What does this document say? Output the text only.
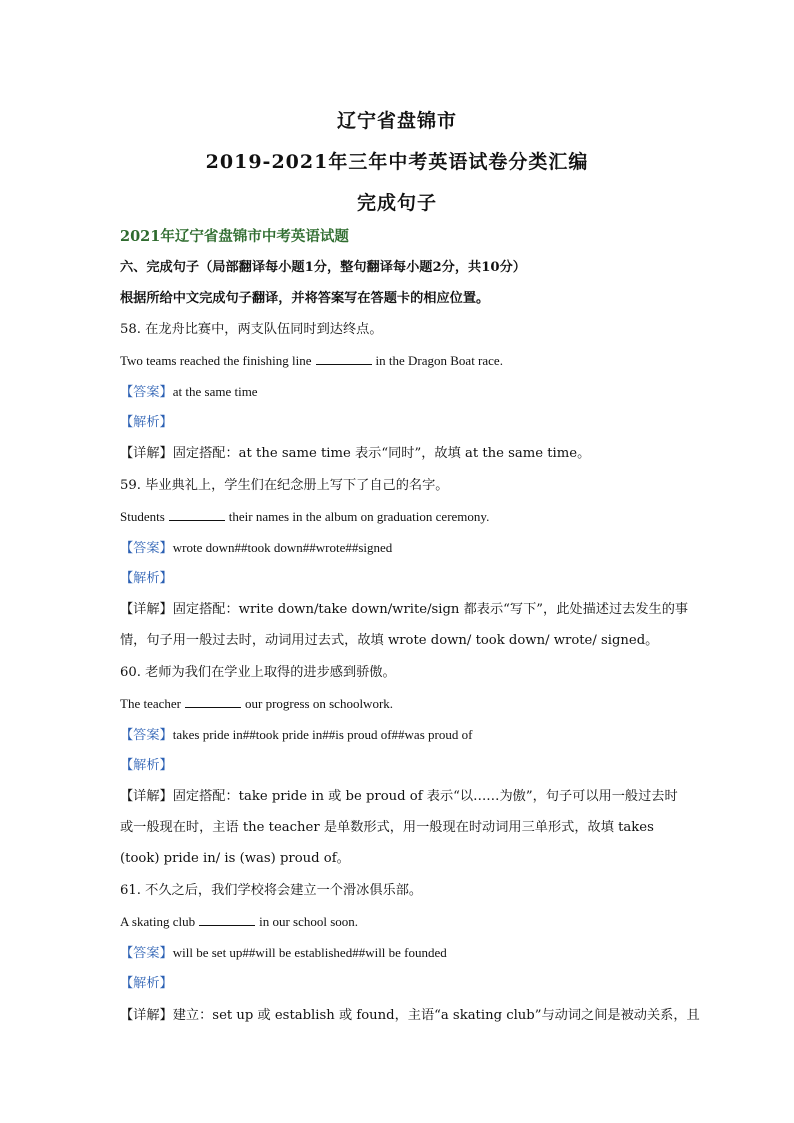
辽宁省盘锦市
2019-2021年三年中考英语试卷分类汇编
完成句子
2021年辽宁省盘锦市中考英语试题
六、完成句子（局部翻译每小题1分，整句翻译每小题2分，共10分）
根据所给中文完成句子翻译，并将答案写在答题卡的相应位置。
58. 在龙舟比赛中，两支队伍同时到达终点。
Two teams reached the finishing line	in the Dragon Boat race.
【答案】at the same time
【解析】
【详解】固定搭配：at the same time 表示“同时”，故填 at the same time。
59. 毕业典礼上，学生们在纪念册上写下了自己的名字。
Students	their names in the album on graduation ceremony.
【答案】wrote down##took down##wrote##signed
【解析】
【详解】固定搭配：write down/take down/write/sign 都表示“写下”，此处描述过去发生的事
情，句子用一般过去时，动词用过去式，故填 wrote down/ took down/ wrote/ signed。
60. 老师为我们在学业上取得的进步感到骄傲。
The teacher	our progress on schoolwork.
【答案】takes pride in##took pride in##is proud of##was proud of
【解析】
【详解】固定搭配：take pride in 或 be proud of 表示“以……为傲”，句子可以用一般过去时
或一般现在时，主语 the teacher 是单数形式，用一般现在时动词用三单形式，故填 takes
(took) pride in/ is (was) proud of。
61. 不久之后，我们学校将会建立一个滑冰俱乐部。
A skating club	in our school soon.
【答案】will be set up##will be established##will be founded
【解析】
【详解】建立：set up 或 establish 或 found，主语“a skating club”与动词之间是被动关系，且
